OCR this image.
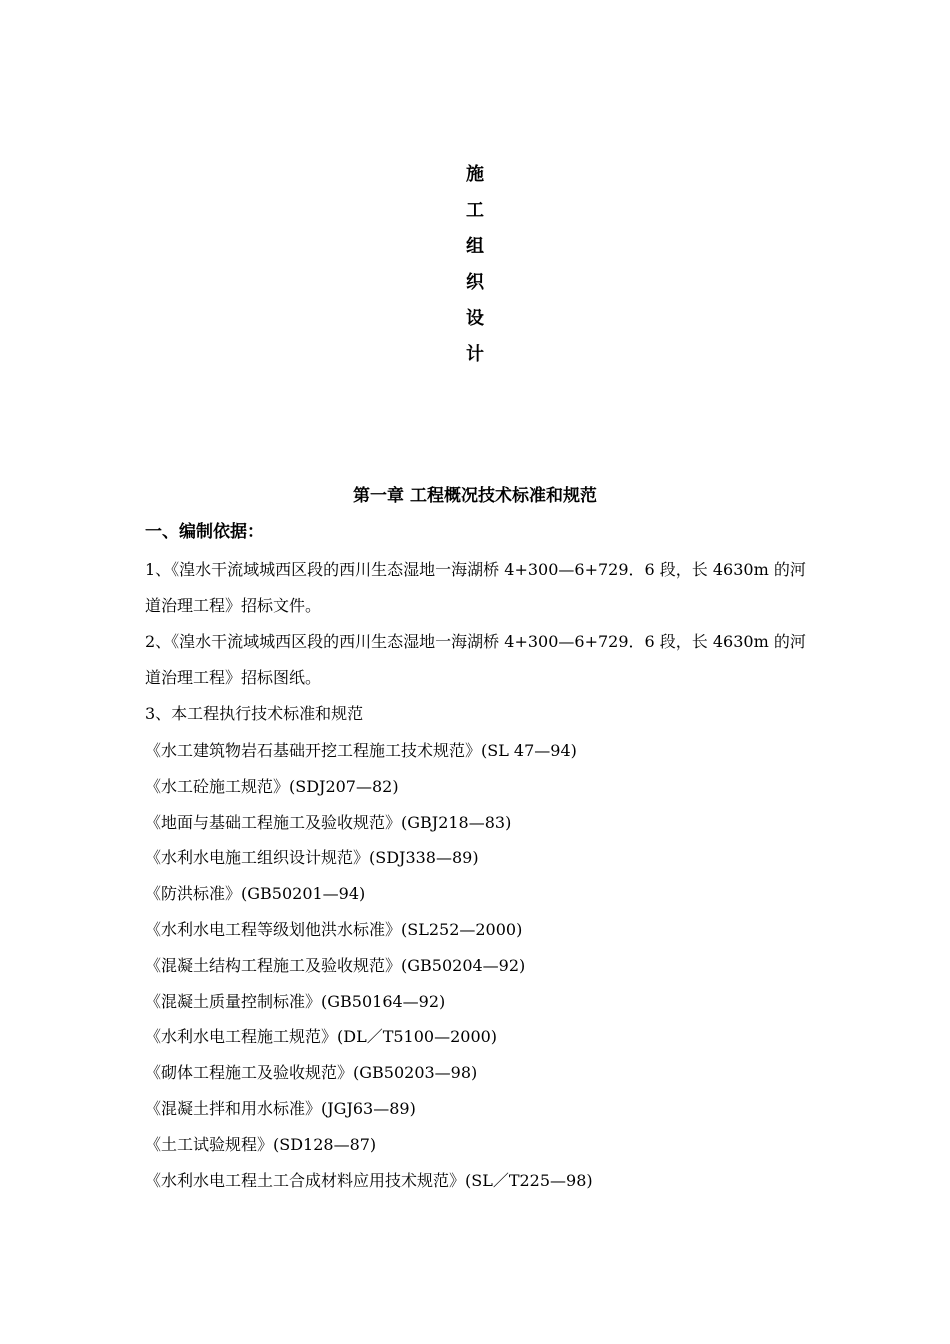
施
工
组
织
设
计
第一章 工程概况技术标准和规范
一、编制依据：

1、《湟水干流域城西区段的西川生态湿地一海湖桥 4+300—6+729．6 段，长 4630m 的河道治理工程》招标文件。

2、《湟水干流域城西区段的西川生态湿地一海湖桥 4+300—6+729．6 段，长 4630m 的河道治理工程》招标图纸。

3、本工程执行技术标准和规范

《水工建筑物岩石基础开挖工程施工技术规范》(SL 47—94)
《水工砼施工规范》(SDJ207—82)
《地面与基础工程施工及验收规范》(GBJ218—83)
《水利水电施工组织设计规范》(SDJ338—89)
《防洪标准》(GB50201—94)
《水利水电工程等级划他洪水标准》(SL252—2000)
《混凝土结构工程施工及验收规范》(GB50204—92)
《混凝土质量控制标准》(GB50164—92)
《水利水电工程施工规范》(DL／T5100—2000)
《砌体工程施工及验收规范》(GB50203—98)
《混凝土拌和用水标准》(JGJ63—89)
《土工试验规程》(SD128—87)
《水利水电工程土工合成材料应用技术规范》(SL／T225—98)
